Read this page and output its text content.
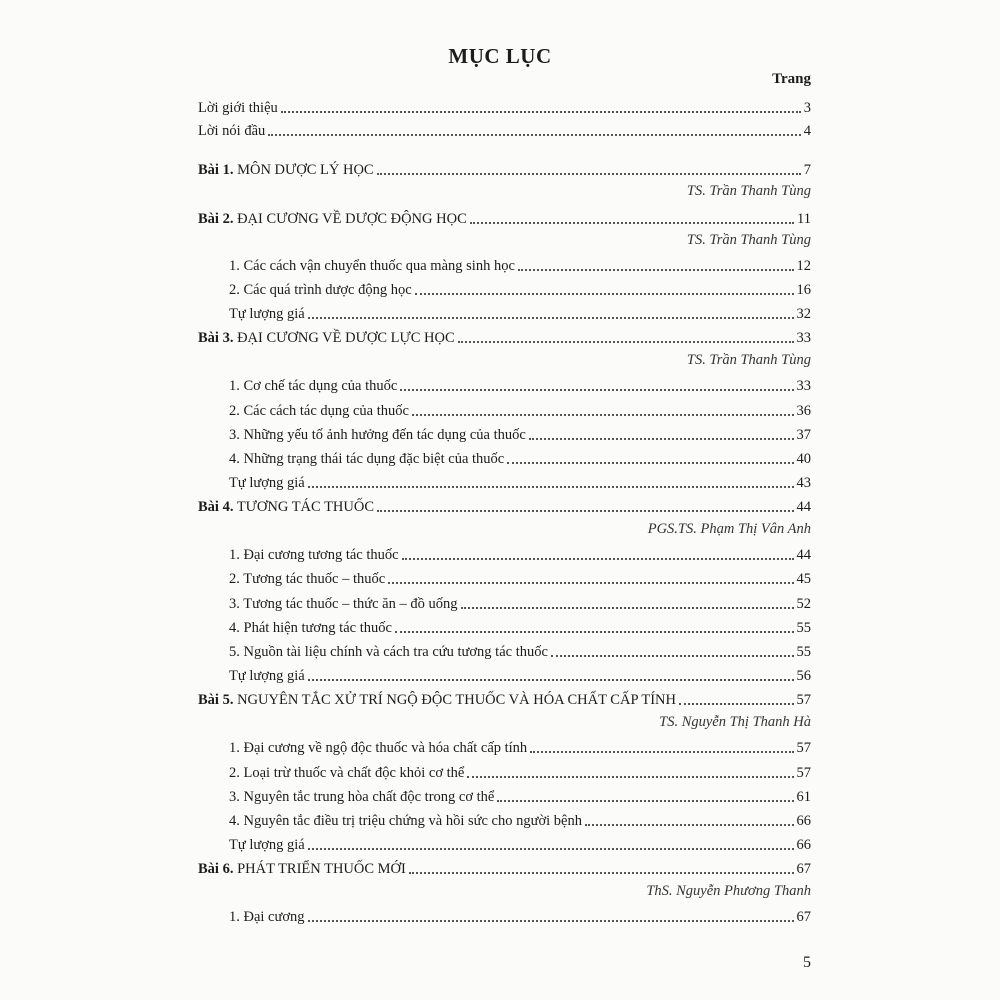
MỤC LỤC
Trang
Lời giới thiệu	3
Lời nói đầu	4
Bài 1. MÔN DƯỢC LÝ HỌC	7
TS. Trần Thanh Tùng
Bài 2. ĐẠI CƯƠNG VỀ DƯỢC ĐỘNG HỌC	11
TS. Trần Thanh Tùng
1. Các cách vận chuyển thuốc qua màng sinh học	12
2. Các quá trình dược động học	16
Tự lượng giá	32
Bài 3. ĐẠI CƯƠNG VỀ DƯỢC LỰC HỌC	33
TS. Trần Thanh Tùng
1. Cơ chế tác dụng của thuốc	33
2. Các cách tác dụng của thuốc	36
3. Những yếu tố ảnh hưởng đến tác dụng của thuốc	37
4. Những trạng thái tác dụng đặc biệt của thuốc	40
Tự lượng giá	43
Bài 4. TƯƠNG TÁC THUỐC	44
PGS.TS. Phạm Thị Vân Anh
1. Đại cương tương tác thuốc	44
2. Tương tác thuốc – thuốc	45
3. Tương tác thuốc – thức ăn – đồ uống	52
4. Phát hiện tương tác thuốc	55
5. Nguồn tài liệu chính và cách tra cứu tương tác thuốc	55
Tự lượng giá	56
Bài 5. NGUYÊN TẮC XỬ TRÍ NGỘ ĐỘC THUỐC VÀ HÓA CHẤT CẤP TÍNH	57
TS. Nguyễn Thị Thanh Hà
1. Đại cương về ngộ độc thuốc và hóa chất cấp tính	57
2. Loại trừ thuốc và chất độc khỏi cơ thể	57
3. Nguyên tắc trung hòa chất độc trong cơ thể	61
4. Nguyên tắc điều trị triệu chứng và hồi sức cho người bệnh	66
Tự lượng giá	66
Bài 6. PHÁT TRIỂN THUỐC MỚI	67
ThS. Nguyễn Phương Thanh
1. Đại cương	67
5
